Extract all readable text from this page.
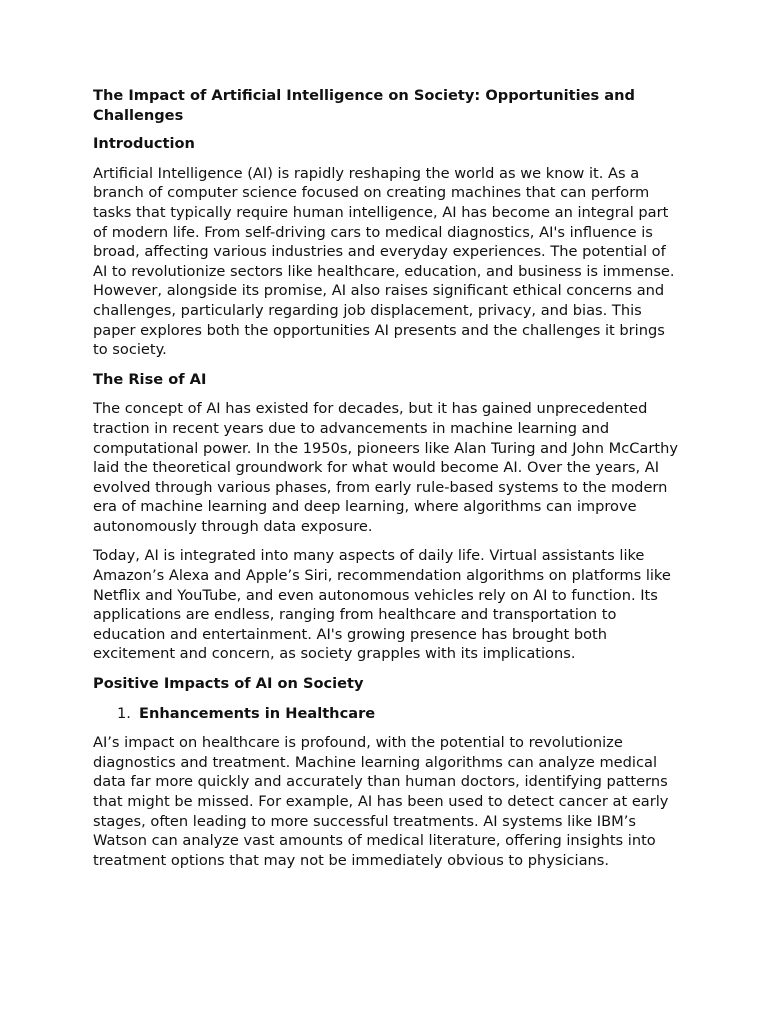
The Impact of Artificial Intelligence on Society: Opportunities and Challenges
Introduction
Artificial Intelligence (AI) is rapidly reshaping the world as we know it. As a branch of computer science focused on creating machines that can perform tasks that typically require human intelligence, AI has become an integral part of modern life. From self-driving cars to medical diagnostics, AI's influence is broad, affecting various industries and everyday experiences. The potential of AI to revolutionize sectors like healthcare, education, and business is immense. However, alongside its promise, AI also raises significant ethical concerns and challenges, particularly regarding job displacement, privacy, and bias. This paper explores both the opportunities AI presents and the challenges it brings to society.
The Rise of AI
The concept of AI has existed for decades, but it has gained unprecedented traction in recent years due to advancements in machine learning and computational power. In the 1950s, pioneers like Alan Turing and John McCarthy laid the theoretical groundwork for what would become AI. Over the years, AI evolved through various phases, from early rule-based systems to the modern era of machine learning and deep learning, where algorithms can improve autonomously through data exposure.
Today, AI is integrated into many aspects of daily life. Virtual assistants like Amazon’s Alexa and Apple’s Siri, recommendation algorithms on platforms like Netflix and YouTube, and even autonomous vehicles rely on AI to function. Its applications are endless, ranging from healthcare and transportation to education and entertainment. AI's growing presence has brought both excitement and concern, as society grapples with its implications.
Positive Impacts of AI on Society
1. Enhancements in Healthcare
AI’s impact on healthcare is profound, with the potential to revolutionize diagnostics and treatment. Machine learning algorithms can analyze medical data far more quickly and accurately than human doctors, identifying patterns that might be missed. For example, AI has been used to detect cancer at early stages, often leading to more successful treatments. AI systems like IBM’s Watson can analyze vast amounts of medical literature, offering insights into treatment options that may not be immediately obvious to physicians.
